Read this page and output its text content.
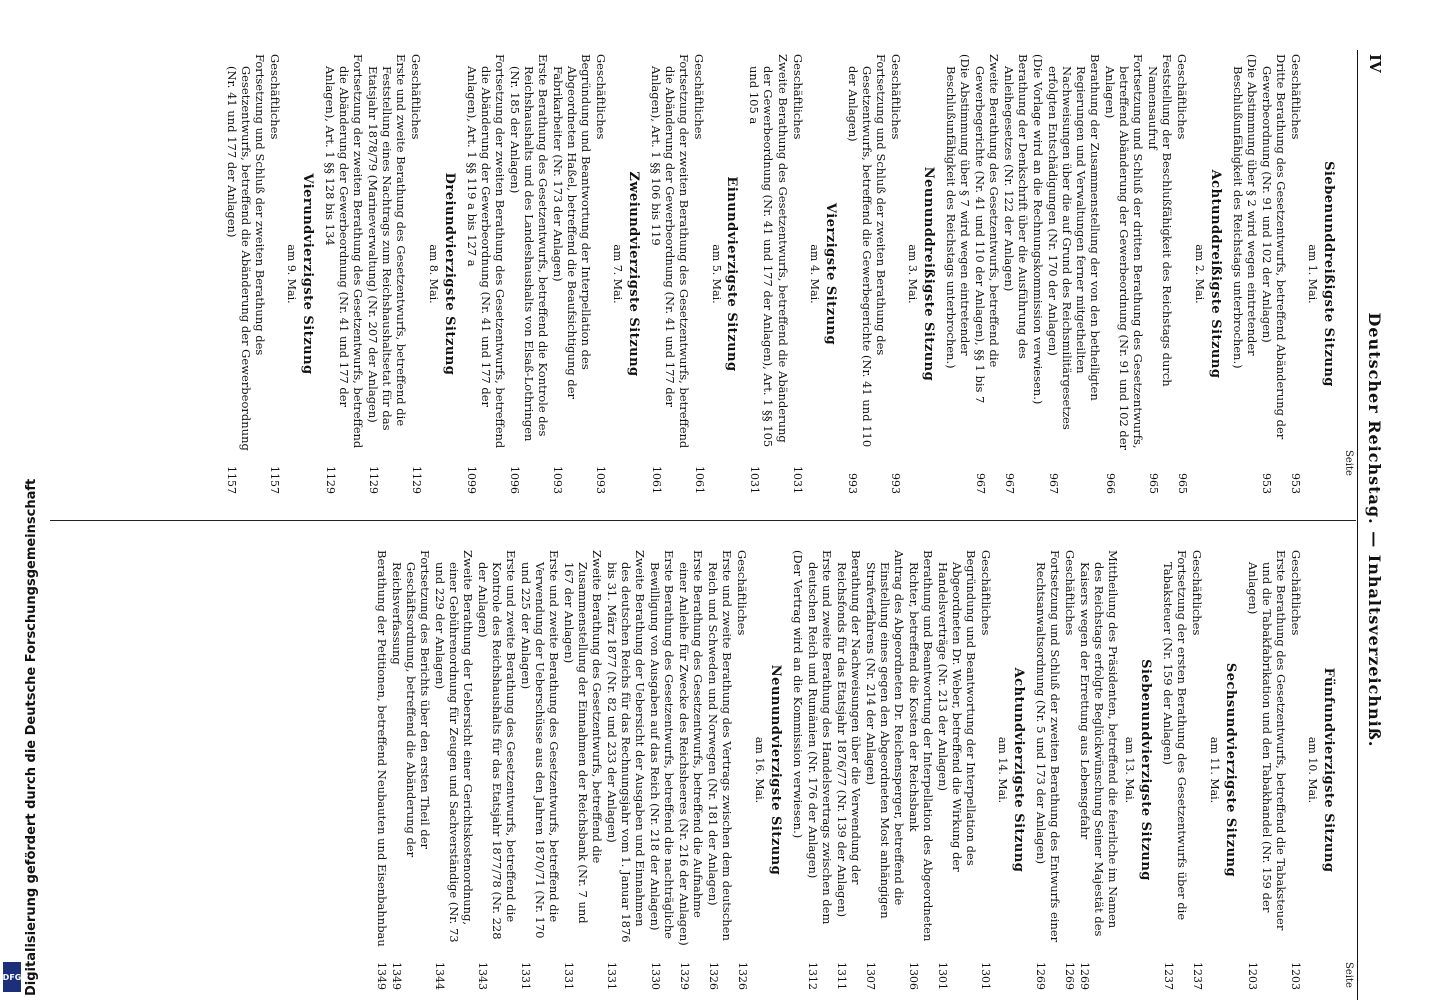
IV
Deutscher Reichstag. — Inhaltsverzeichniß.
Seite
Seite
Siebenunddreißigste Sitzung
am 1. Mai.
Geschäftliches
953
Dritte Berathung des Gesetzentwurfs, betreffend Abänderung der Gewerbeordnung (Nr. 91 und 102 der Anlagen)
953
(Die Abstimmung über § 2 wird wegen eintretender Beschlußunfähigkeit des Reichstags unterbrochen.)
Achtunddreißigste Sitzung
am 2. Mai.
Geschäftliches
965
Feststellung der Beschlußfähigkeit des Reichstags durch Namensaufruf
965
Fortsetzung und Schluß der dritten Berathung des Gesetzentwurfs, betreffend Abänderung der Gewerbeordnung (Nr. 91 und 102 der Anlagen)
966
Berathung der Zusammenstellung der von den betheiligten Regierungen und Verwaltungen ferner mitgetheilten Nachweisungen über die auf Grund des Reichsmilitärgesetzes erfolgten Entschädigungen (Nr. 170 der Anlagen)
967
(Die Vorlage wird an die Rechnungskommission verwiesen.)
Berathung der Denkschrift über die Ausführung des Anleihegesetzes (Nr. 122 der Anlagen)
967
Zweite Berathung des Gesetzentwurfs, betreffend die Gewerbegerichte (Nr. 41 und 110 der Anlagen), §§ 1 bis 7
967
(Die Abstimmung über § 7 wird wegen eintretender Beschlußunfähigkeit des Reichstags unterbrochen.)
Neununddreißigste Sitzung
am 3. Mai.
Geschäftliches
993
Fortsetzung und Schluß der zweiten Berathung des Gesetzentwurfs, betreffend die Gewerbegerichte (Nr. 41 und 110 der Anlagen)
993
Vierzigste Sitzung
am 4. Mai.
Geschäftliches
1031
Zweite Berathung des Gesetzentwurfs, betreffend die Abänderung der Gewerbeordnung (Nr. 41 und 177 der Anlagen), Art. 1 §§ 105 und 105 a
1031
Einundvierzigste Sitzung
am 5. Mai.
Geschäftliches
1061
Fortsetzung der zweiten Berathung des Gesetzentwurfs, betreffend die Abänderung der Gewerbeordnung (Nr. 41 und 177 der Anlagen), Art. 1 §§ 106 bis 119
1061
Zweiundvierzigste Sitzung
am 7. Mai.
Geschäftliches
1093
Begründung und Beantwortung der Interpellation des Abgeordneten Haßel, betreffend die Beaufsichtigung der Fabrikarbeiter (Nr. 173 der Anlagen)
1093
Erste Berathung des Gesetzentwurfs, betreffend die Kontrole des Reichshaushalts und des Landeshaushalts von Elsaß-Lothringen (Nr. 185 der Anlagen)
1096
Fortsetzung der zweiten Berathung des Gesetzentwurfs, betreffend die Abänderung der Gewerbeordnung (Nr. 41 und 177 der Anlagen), Art. 1 §§ 119 a bis 127 a
1099
Dreiundvierzigste Sitzung
am 8. Mai.
Geschäftliches
1129
Erste und zweite Berathung des Gesetzentwurfs, betreffend die Feststellung eines Nachtrags zum Reichshaushaltsetat für das Etatsjahr 1878/79 (Marineverwaltung) (Nr. 207 der Anlagen)
1129
Fortsetzung der zweiten Berathung des Gesetzentwurfs, betreffend die Abänderung der Gewerbeordnung (Nr. 41 und 177 der Anlagen), Art. 1 §§ 128 bis 134
1129
Vierundvierzigste Sitzung
am 9. Mai.
Geschäftliches
1157
Fortsetzung und Schluß der zweiten Berathung des Gesetzentwurfs, betreffend die Abänderung der Gewerbeordnung (Nr. 41 und 177 der Anlagen)
1157
Fünfundvierzigste Sitzung
am 10. Mai.
Geschäftliches
1203
Erste Berathung des Gesetzentwurfs, betreffend die Tabaksteuer und die Tabakfabrikation und den Tabakhandel (Nr. 159 der Anlagen)
1203
Sechsundvierzigste Sitzung
am 11. Mai.
Geschäftliches
1237
Fortsetzung der ersten Berathung des Gesetzentwurfs über die Tabaksteuer (Nr. 159 der Anlagen)
1237
Siebenundvierzigste Sitzung
am 13. Mai.
Mittheilung des Präsidenten, betreffend die feierliche im Namen des Reichstags erfolgte Beglückwünschung Seiner Majestät des Kaisers wegen der Errettung aus Lebensgefahr
1269
Geschäftliches
1269
Fortsetzung und Schluß der zweiten Berathung des Entwurfs einer Rechtsanwaltsordnung (Nr. 5 und 173 der Anlagen)
1269
Achtundvierzigste Sitzung
am 14. Mai.
Geschäftliches
1301
Begründung und Beantwortung der Interpellation des Abgeordneten Dr. Weber, betreffend die Wirkung der Handelsverträge (Nr. 213 der Anlagen)
1301
Berathung und Beantwortung der Interpellation des Abgeordneten Richter, betreffend die Kosten der Reichsbank
1306
Antrag des Abgeordneten Dr. Reichensperger, betreffend die Einstellung eines gegen den Abgeordneten Most anhängigen Strafverfahrens (Nr. 214 der Anlagen)
1307
Berathung der Nachweisungen über die Verwendung der Reichsfonds für das Etatsjahr 1876/77 (Nr. 139 der Anlagen)
1311
Erste und zweite Berathung des Handelsvertrags zwischen dem deutschen Reich und Rumänien (Nr. 176 der Anlagen)
1312
(Der Vertrag wird an die Kommission verwiesen.)
Neunundvierzigste Sitzung
am 16. Mai.
Geschäftliches
1326
Erste und zweite Berathung des Vertrags zwischen dem deutschen Reich und Schweden und Norwegen (Nr. 181 der Anlagen)
1326
Erste Berathung des Gesetzentwurfs, betreffend die Aufnahme einer Anleihe für Zwecke des Reichsheeres (Nr. 216 der Anlagen)
1329
Erste Berathung des Gesetzentwurfs, betreffend die nachträgliche Bewilligung von Ausgaben auf das Reich (Nr. 218 der Anlagen)
1330
Zweite Berathung der Uebersicht der Ausgaben und Einnahmen des deutschen Reichs für das Rechnungsjahr vom 1. Januar 1876 bis 31. März 1877 (Nr. 82 und 233 der Anlagen)
1331
Zweite Berathung des Gesetzentwurfs, betreffend die Zusammenstellung der Einnahmen der Reichsbank (Nr. 7 und 167 der Anlagen)
1331
Erste und zweite Berathung des Gesetzentwurfs, betreffend die Verwendung der Ueberschüsse aus den Jahren 1870/71 (Nr. 170 und 225 der Anlagen)
1331
Erste und zweite Berathung des Gesetzentwurfs, betreffend die Kontrole des Reichshaushalts für das Etatsjahr 1877/78 (Nr. 228 der Anlagen)
1343
Zweite Berathung der Uebersicht einer Gerichtskostenordnung, einer Gebührenordnung für Zeugen und Sachverständige (Nr. 73 und 229 der Anlagen)
1344
Fortsetzung des Berichts über den ersten Theil der Geschäftsordnung, betreffend die Abänderung der Reichsverfassung
1349
Berathung der Petitionen, betreffend Neubauten und Eisenbahnbau
1349
Digitalisierung gefördert durch die Deutsche Forschungsgemeinschaft
DFG
